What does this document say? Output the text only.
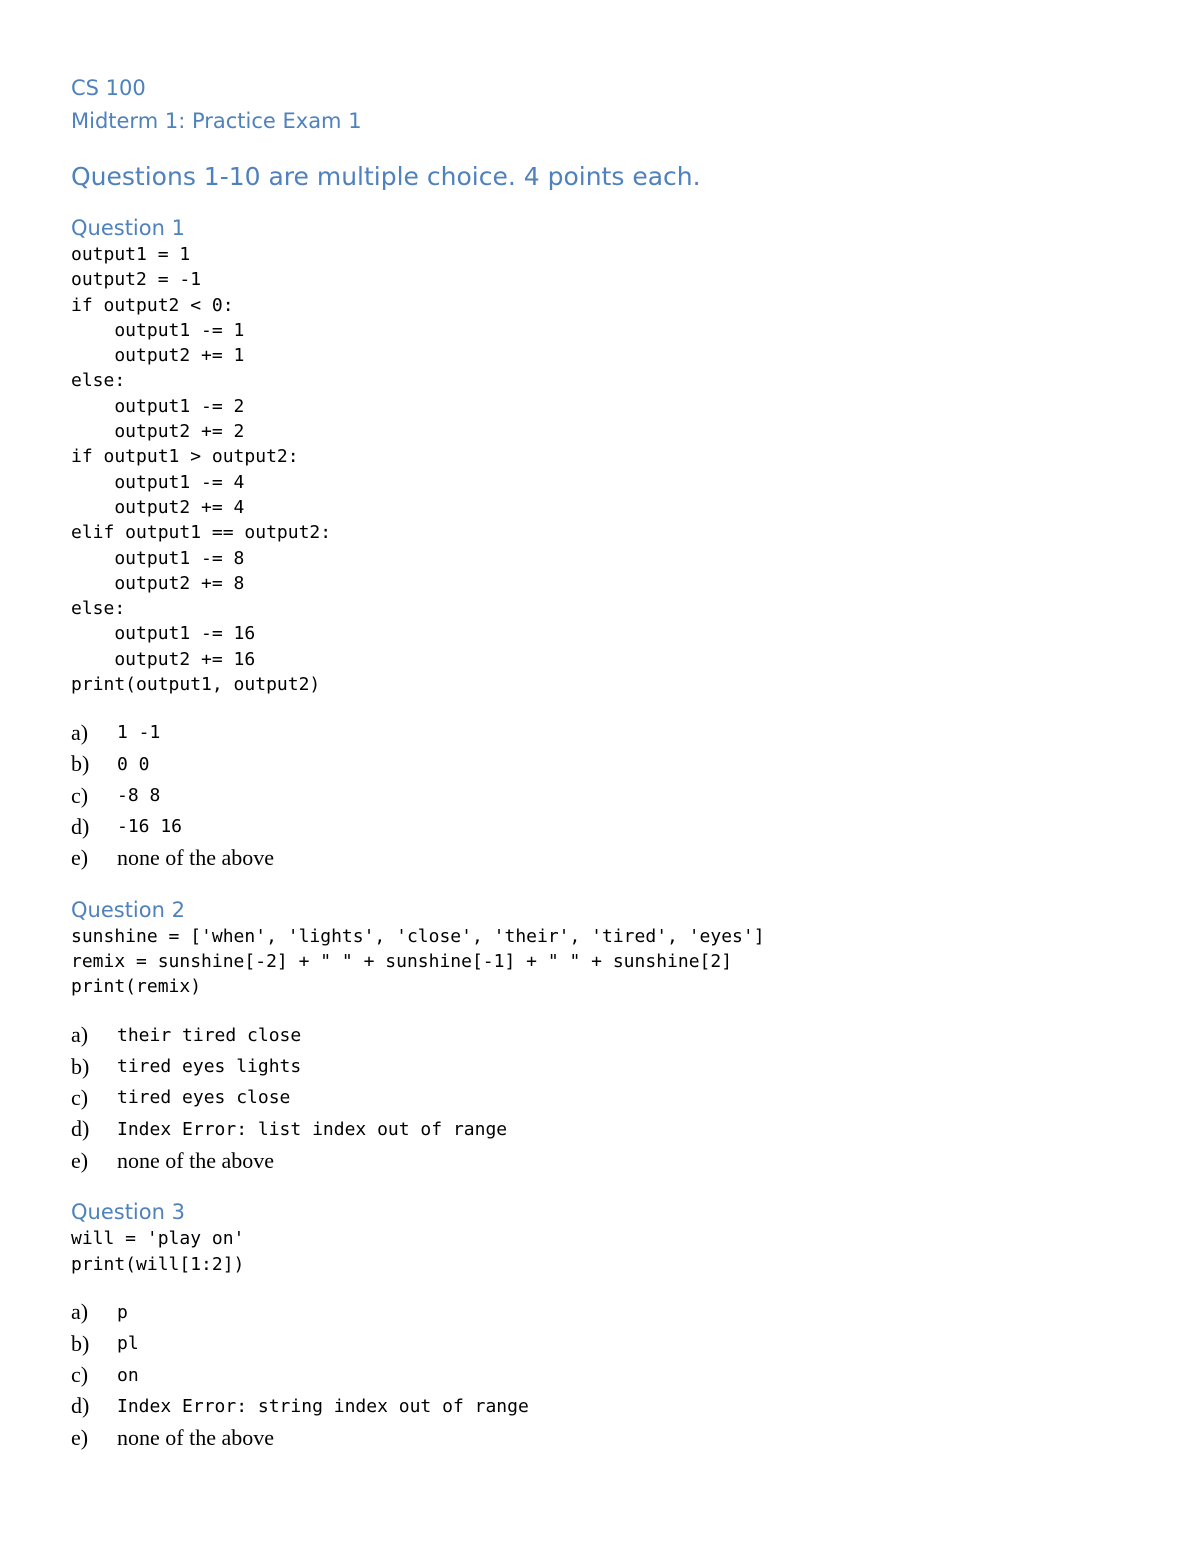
CS 100
Midterm 1: Practice Exam 1
Questions 1-10 are multiple choice. 4 points each.
Question 1
output1 = 1
output2 = -1
if output2 < 0:
output1 -= 1
output2 += 1
else:
output1 -= 2
output2 += 2
if output1 > output2:
output1 -= 4
output2 += 4
elif output1 == output2:
output1 -= 8
output2 += 8
else:
output1 -= 16
output2 += 16
print(output1, output2)
a)	1 -1
b)	0 0
c)	-8 8
d)	-16 16
e)	none of the above
Question 2
sunshine = ['when', 'lights', 'close', 'their', 'tired', 'eyes']
remix = sunshine[-2] + " " + sunshine[-1] + " " + sunshine[2]
print(remix)
a)	their tired close
b)	tired eyes lights
c)	tired eyes close
d)	Index Error: list index out of range
e)	none of the above
Question 3
will = 'play on'
print(will[1:2])
a)	p
b)	pl
c)	on
d)	Index Error: string index out of range
e)	none of the above
